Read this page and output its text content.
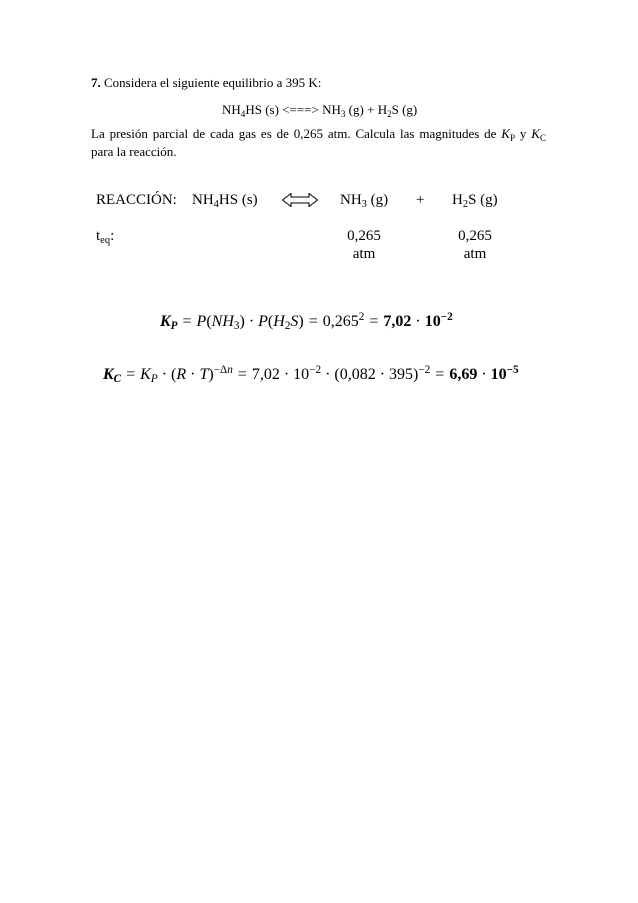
7. Considera el siguiente equilibrio a 395 K:
$NH_4HS$ (s) <===> $NH_3$ $(g) + H_2S$ (g)
La presión parcial de cada gas es de 0,265 atm. Calcula las magnitudes de $K_P$ y $K_C$
para la reacción.
REACCIÓN: $NH_4HS$ (s)	$NH_3$ $(g) + H_2S$ (g)
$t_{eq}$:	0,265
atm
0,265
atm
$K_P = P(NH_3) \cdot P(H_2S) = 0,265^2 = 7,02 \cdot 10^{-2}$
$K_C = K_P \cdot (R \cdot T)^{-\Delta n} = 7,02 \cdot 10^{-2} \cdot (0,082 \cdot 395)^{-2} = 6,69 \cdot 10^{-5}$
